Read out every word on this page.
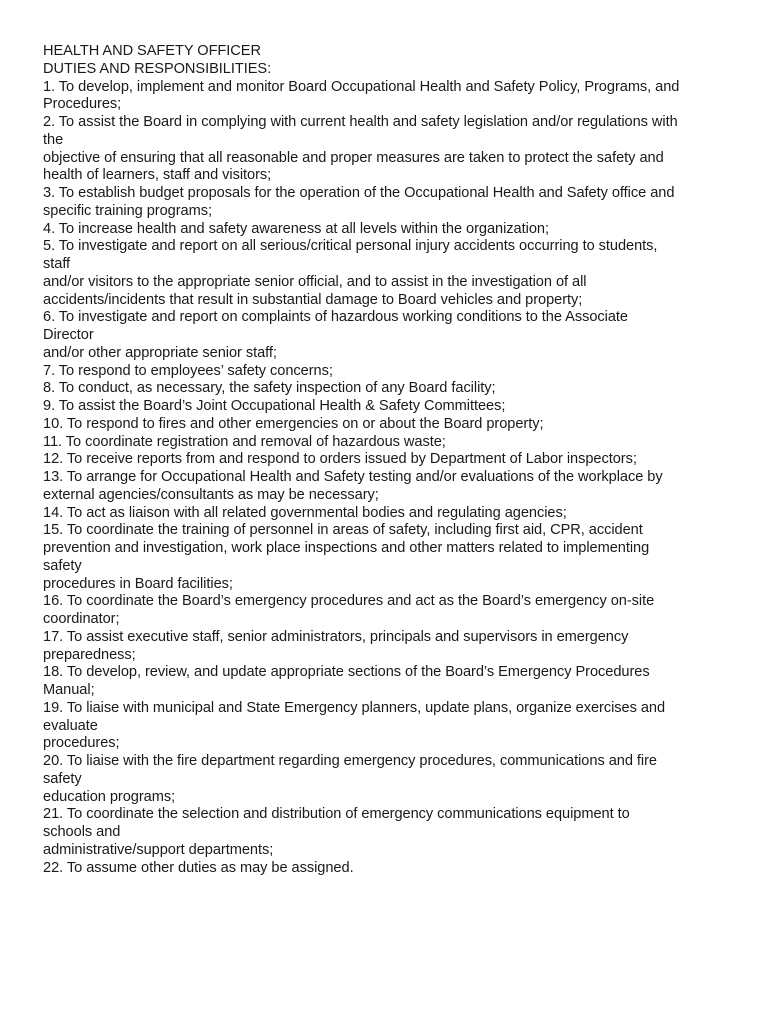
HEALTH AND SAFETY OFFICER
DUTIES AND RESPONSIBILITIES:
1. To develop, implement and monitor Board Occupational Health and Safety Policy, Programs, and
Procedures;
2. To assist the Board in complying with current health and safety legislation and/or regulations with
the
objective of ensuring that all reasonable and proper measures are taken to protect the safety and
health of learners, staff and visitors;
3. To establish budget proposals for the operation of the Occupational Health and Safety office and
specific training programs;
4. To increase health and safety awareness at all levels within the organization;
5. To investigate and report on all serious/critical personal injury accidents occurring to students,
staff
and/or visitors to the appropriate senior official, and to assist in the investigation of all
accidents/incidents that result in substantial damage to Board vehicles and property;
6. To investigate and report on complaints of hazardous working conditions to the Associate
Director
and/or other appropriate senior staff;
7. To respond to employees’ safety concerns;
8. To conduct, as necessary, the safety inspection of any Board facility;
9. To assist the Board’s Joint Occupational Health & Safety Committees;
10. To respond to fires and other emergencies on or about the Board property;
11. To coordinate registration and removal of hazardous waste;
12. To receive reports from and respond to orders issued by Department of Labor inspectors;
13. To arrange for Occupational Health and Safety testing and/or evaluations of the workplace by
external agencies/consultants as may be necessary;
14. To act as liaison with all related governmental bodies and regulating agencies;
15. To coordinate the training of personnel in areas of safety, including first aid, CPR, accident
prevention and investigation, work place inspections and other matters related to implementing
safety
procedures in Board facilities;
16. To coordinate the Board’s emergency procedures and act as the Board’s emergency on-site
coordinator;
17. To assist executive staff, senior administrators, principals and supervisors in emergency
preparedness;
18. To develop, review, and update appropriate sections of the Board’s Emergency Procedures
Manual;
19. To liaise with municipal and State Emergency planners, update plans, organize exercises and
evaluate
procedures;
20. To liaise with the fire department regarding emergency procedures, communications and fire
safety
education programs;
21. To coordinate the selection and distribution of emergency communications equipment to
schools and
administrative/support departments;
22. To assume other duties as may be assigned.
